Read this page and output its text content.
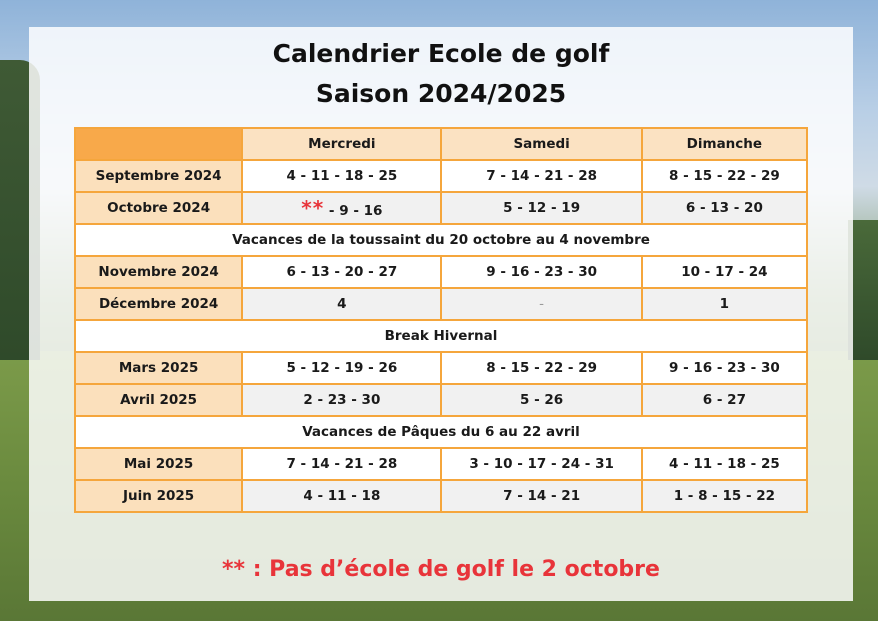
Calendrier Ecole de golf
Saison 2024/2025
	Mercredi	Samedi	Dimanche
Septembre 2024	4 - 11 - 18 - 25	7 - 14 - 21 - 28	8 - 15 - 22 - 29
Octobre 2024	** - 9 - 16	5 - 12 - 19	6 - 13 - 20
Vacances de la toussaint du 20 octobre au 4 novembre			
Novembre 2024	6 - 13 - 20 - 27	9 - 16 - 23 - 30	10 - 17 - 24
Décembre 2024	4	-	1
Break Hivernal			
Mars 2025	5 - 12 - 19 - 26	8 - 15 - 22 - 29	9 - 16 - 23 - 30
Avril 2025	2 - 23 - 30	5 - 26	6 - 27
Vacances de Pâques du 6 au 22 avril			
Mai 2025	7 - 14 - 21 - 28	3 - 10 - 17 - 24 - 31	4 - 11 - 18 - 25
Juin 2025	4 - 11 - 18	7 - 14 - 21	1 - 8 - 15 - 22
** : Pas d’école de golf le 2 octobre
